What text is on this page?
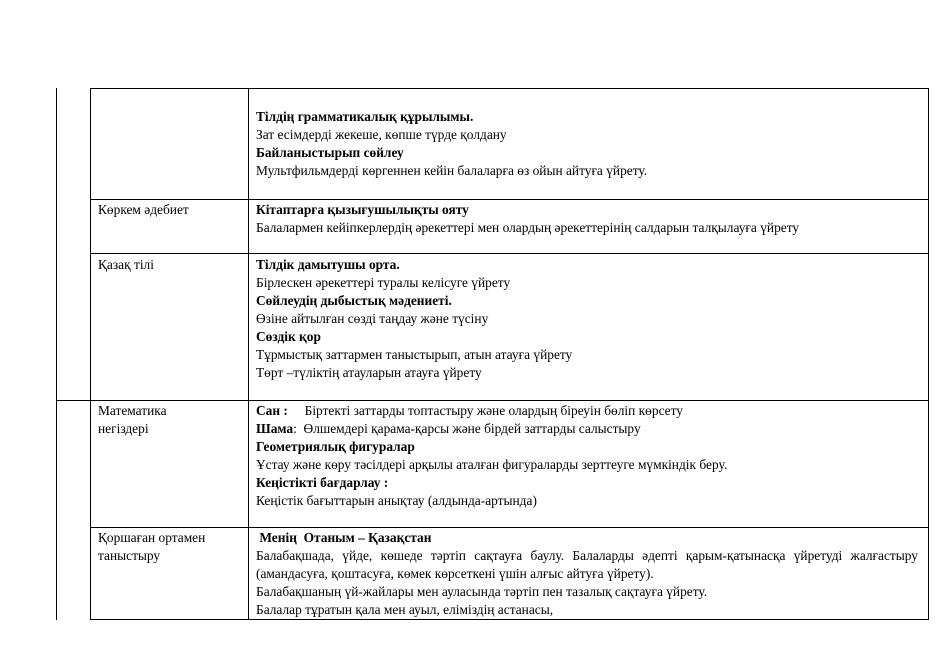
Тілдің грамматикалық құрылымы.
Зат есімдерді жекеше, көпше түрде қолдану
Байланыстырып сөйлеу
Мультфильмдерді көргеннен кейін балаларға өз ойын айтуға үйрету.
Көркем әдебиет	Кітаптарға қызығушылықты ояту
Балалармен кейіпкерлердің әрекеттері мен олардың әрекеттерінің салдарын талқылауға үйрету
Қазақ тілі	Тілдік дамытушы орта.
Бірлескен әрекеттері туралы келісуге үйрету
Сөйлеудің дыбыстық мәдениеті.
Өзіне айтылған сөзді таңдау және түсіну
Сөздік қор
Тұрмыстық заттармен таныстырып, атын атауға үйрету
Төрт –түліктің атауларын атауға үйрету
Математика
негіздері
Сан : Біртекті заттарды топтастыру және олардың біреуін бөліп көрсету
Шама:  Өлшемдері қарама-қарсы және бірдей заттарды салыстыру
Геометриялық фигуралар
Ұстау және көру тәсілдері арқылы аталған фигураларды зерттеуге мүмкіндік беру.
Кеңістікті бағдарлау :
Кеңістік бағыттарын анықтау (алдында-артында)
Қоршаған ортамен
таныстыру
Менің  Отаным – Қазақстан
Балабақшада, үйде, көшеде тәртіп сақтауға баулу. Балаларды әдепті қарым-қатынасқа үйретуді жалғастыру (амандасуға, қоштасуға, көмек көрсеткені үшін алғыс айтуға үйрету).
Балабақшаның үй-жайлары мен ауласында тәртіп пен тазалық сақтауға үйрету.
Балалар тұратын қала мен ауыл, еліміздің астанасы,
